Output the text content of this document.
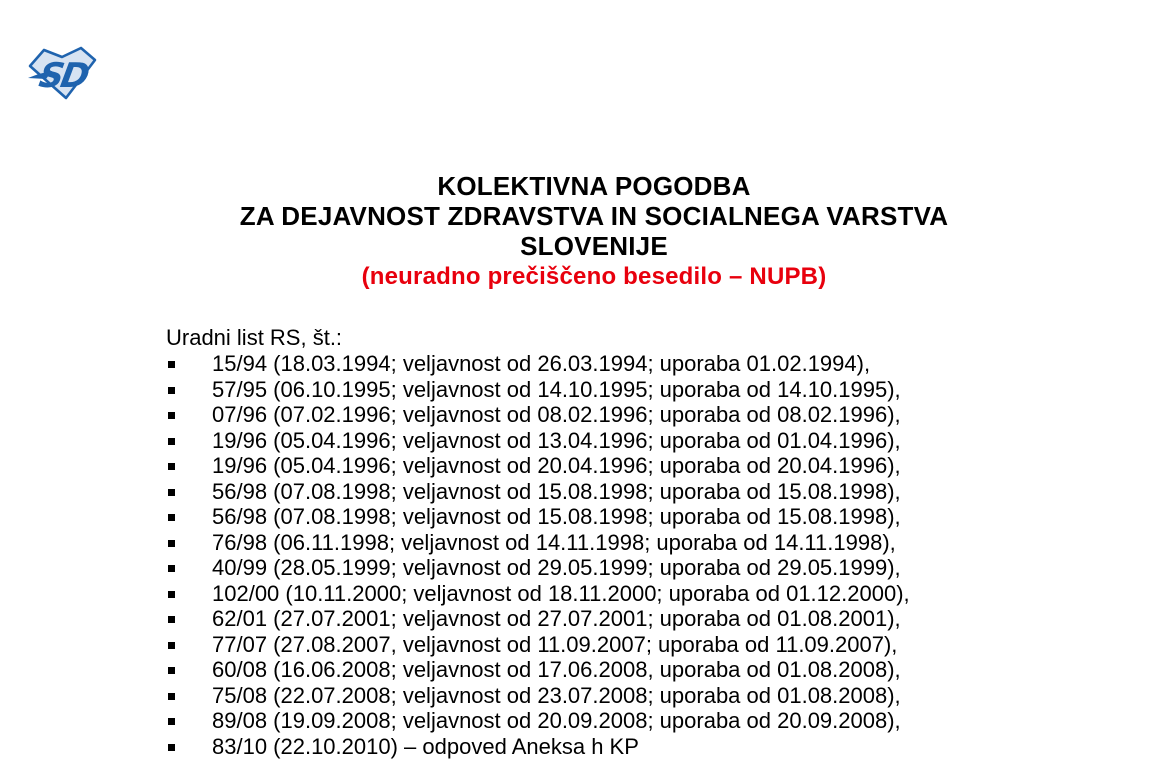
SD
KOLEKTIVNA POGODBA
ZA DEJAVNOST ZDRAVSTVA IN SOCIALNEGA VARSTVA
SLOVENIJE
(neuradno prečiščeno besedilo – NUPB)
Uradni list RS, št.:
15/94 (18.03.1994; veljavnost od 26.03.1994; uporaba 01.02.1994),
57/95 (06.10.1995; veljavnost od 14.10.1995; uporaba od 14.10.1995),
07/96 (07.02.1996; veljavnost od 08.02.1996; uporaba od 08.02.1996),
19/96 (05.04.1996; veljavnost od 13.04.1996; uporaba od 01.04.1996),
19/96 (05.04.1996; veljavnost od 20.04.1996; uporaba od 20.04.1996),
56/98 (07.08.1998; veljavnost od 15.08.1998; uporaba od 15.08.1998),
56/98 (07.08.1998; veljavnost od 15.08.1998; uporaba od 15.08.1998),
76/98 (06.11.1998; veljavnost od 14.11.1998; uporaba od 14.11.1998),
40/99 (28.05.1999; veljavnost od 29.05.1999; uporaba od 29.05.1999),
102/00 (10.11.2000; veljavnost od 18.11.2000; uporaba od 01.12.2000),
62/01 (27.07.2001; veljavnost od 27.07.2001; uporaba od 01.08.2001),
77/07 (27.08.2007, veljavnost od 11.09.2007; uporaba od 11.09.2007),
60/08 (16.06.2008; veljavnost od 17.06.2008, uporaba od 01.08.2008),
75/08 (22.07.2008; veljavnost od 23.07.2008; uporaba od 01.08.2008),
89/08 (19.09.2008; veljavnost od 20.09.2008; uporaba od 20.09.2008),
83/10 (22.10.2010) – odpoved Aneksa h KP
